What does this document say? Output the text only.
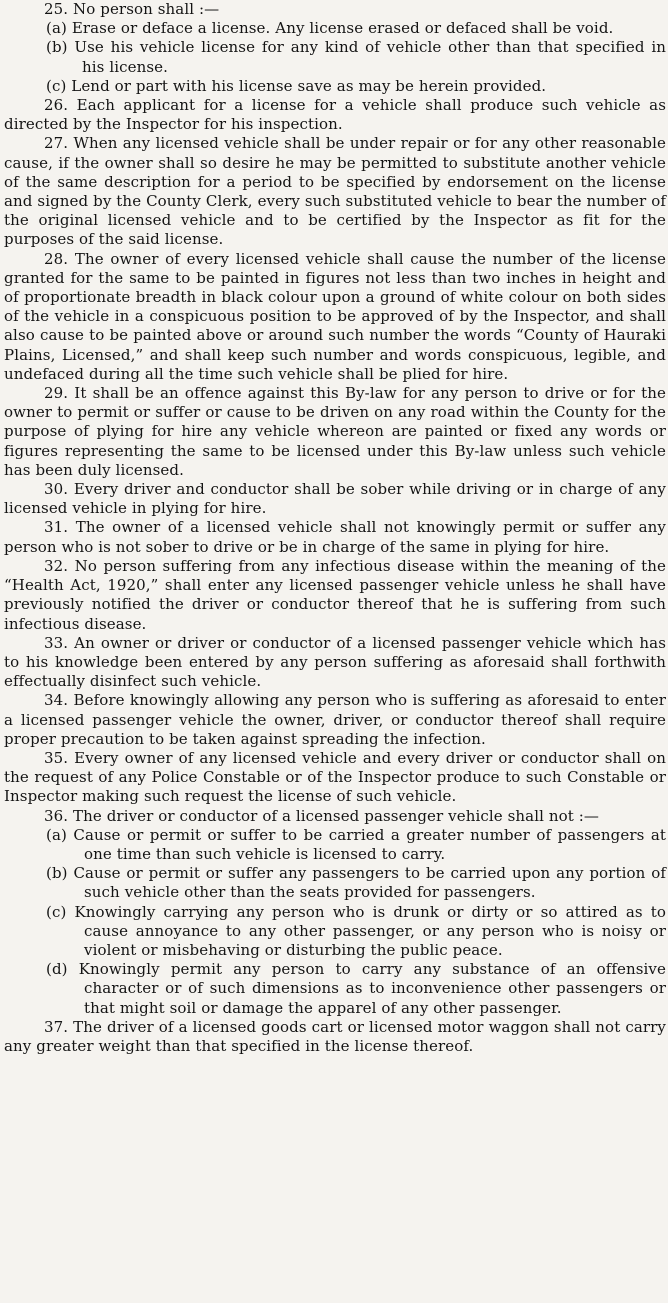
25. No person shall :—

(a) Erase or deface a license. Any license erased or defaced shall be void.

(b) Use his vehicle license for any kind of vehicle other than that specified in his license.

(c) Lend or part with his license save as may be herein provided.

26. Each applicant for a license for a vehicle shall produce such vehicle as directed by the Inspector for his inspection.

27. When any licensed vehicle shall be under repair or for any other reasonable cause, if the owner shall so desire he may be permitted to substitute another vehicle of the same description for a period to be specified by endorsement on the license and signed by the County Clerk, every such substituted vehicle to bear the number of the original licensed vehicle and to be certified by the Inspector as fit for the purposes of the said license.

28. The owner of every licensed vehicle shall cause the number of the license granted for the same to be painted in figures not less than two inches in height and of proportionate breadth in black colour upon a ground of white colour on both sides of the vehicle in a conspicuous position to be approved of by the Inspector, and shall also cause to be painted above or around such number the words “County of Hauraki Plains, Licensed,” and shall keep such number and words conspicuous, legible, and undefaced during all the time such vehicle shall be plied for hire.

29. It shall be an offence against this By-law for any person to drive or for the owner to permit or suffer or cause to be driven on any road within the County for the purpose of plying for hire any vehicle whereon are painted or fixed any words or figures representing the same to be licensed under this By-law unless such vehicle has been duly licensed.

30. Every driver and conductor shall be sober while driving or in charge of any licensed vehicle in plying for hire.

31. The owner of a licensed vehicle shall not knowingly permit or suffer any person who is not sober to drive or be in charge of the same in plying for hire.

32. No person suffering from any infectious disease within the meaning of the “Health Act, 1920,” shall enter any licensed passenger vehicle unless he shall have previously notified the driver or conductor thereof that he is suffering from such infectious disease.

33. An owner or driver or conductor of a licensed passenger vehicle which has to his knowledge been entered by any person suffering as aforesaid shall forthwith effectually disinfect such vehicle.

34. Before knowingly allowing any person who is suffering as aforesaid to enter a licensed passenger vehicle the owner, driver, or conductor thereof shall require proper precaution to be taken against spreading the infection.

35. Every owner of any licensed vehicle and every driver or conductor shall on the request of any Police Constable or of the Inspector produce to such Constable or Inspector making such request the license of such vehicle.

36. The driver or conductor of a licensed passenger vehicle shall not :—

(a) Cause or permit or suffer to be carried a greater number of passengers at one time than such vehicle is licensed to carry.

(b) Cause or permit or suffer any passengers to be carried upon any portion of such vehicle other than the seats provided for passengers.

(c) Knowingly carrying any person who is drunk or dirty or so attired as to cause annoyance to any other passenger, or any person who is noisy or violent or misbehaving or disturbing the public peace.

(d) Knowingly permit any person to carry any substance of an offensive character or of such dimensions as to inconvenience other passengers or that might soil or damage the apparel of any other passenger.

37. The driver of a licensed goods cart or licensed motor waggon shall not carry any greater weight than that specified in the license thereof.
